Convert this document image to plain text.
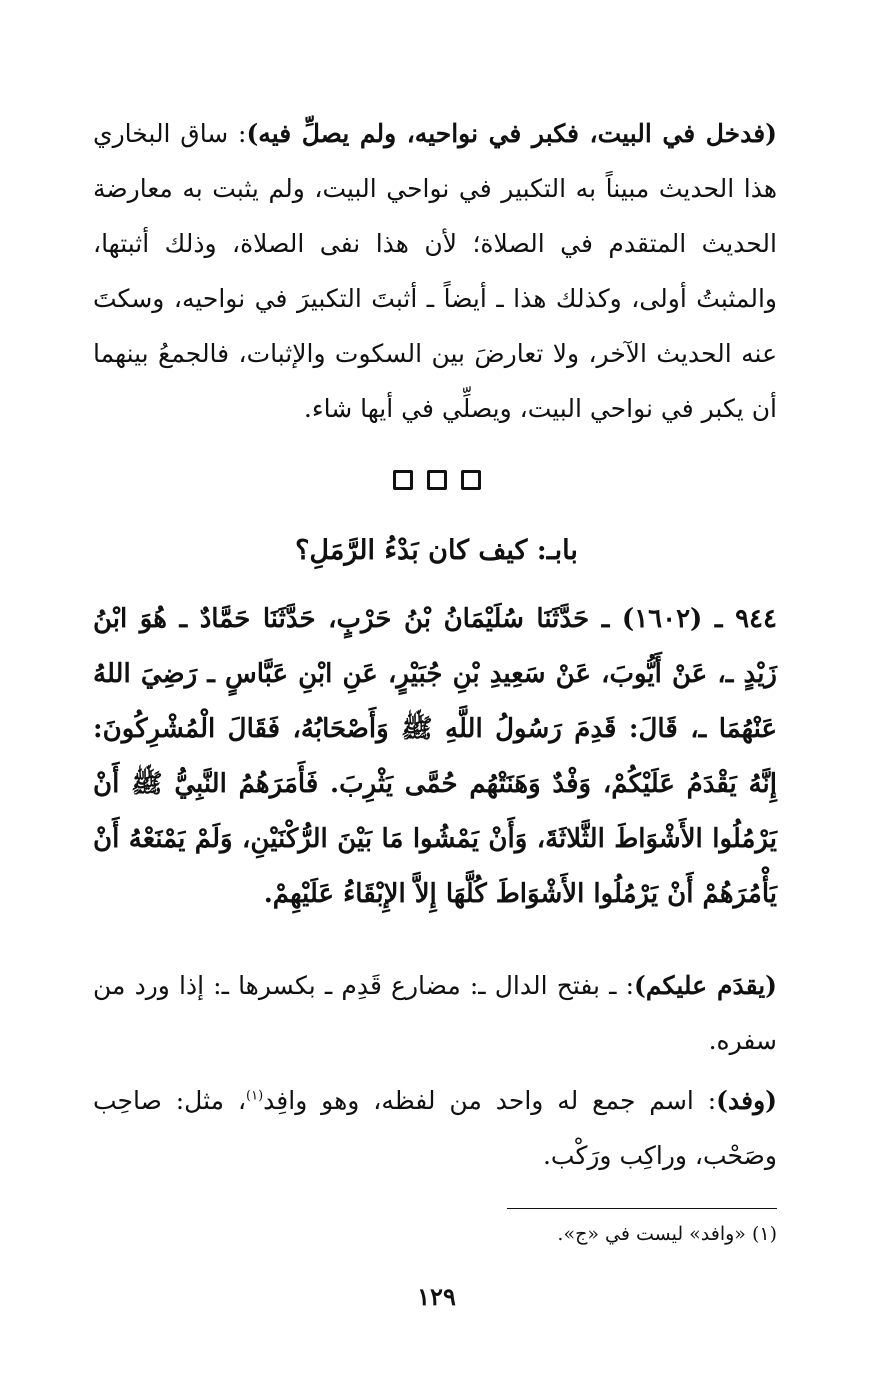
(فدخل في البيت، فكبر في نواحيه، ولم يصلِّ فيه): ساق البخاري هذا الحديث مبيناً به التكبير في نواحي البيت، ولم يثبت به معارضة الحديث المتقدم في الصلاة؛ لأن هذا نفى الصلاة، وذلك أثبتها، والمثبتُ أولى، وكذلك هذا ـ أيضاً ـ أثبتَ التكبيرَ في نواحيه، وسكتَ عنه الحديث الآخر، ولا تعارضَ بين السكوت والإثبات، فالجمعُ بينهما أن يكبر في نواحي البيت، ويصلِّي في أيها شاء.

بابـ: كيف كان بَدْءُ الرَّمَلِ؟

٩٤٤ ـ (١٦٠٢) ـ حَدَّثَنَا سُلَيْمَانُ بْنُ حَرْبٍ، حَدَّثَنَا حَمَّادٌ ـ هُوَ ابْنُ زَيْدٍ ـ، عَنْ أَيُّوبَ، عَنْ سَعِيدِ بْنِ جُبَيْرٍ، عَنِ ابْنِ عَبَّاسٍ ـ رَضِيَ اللهُ عَنْهُمَا ـ، قَالَ: قَدِمَ رَسُولُ اللَّهِ ﷺ وَأَصْحَابُهُ، فَقَالَ الْمُشْرِكُونَ: إِنَّهُ يَقْدَمُ عَلَيْكُمْ، وَفْدٌ وَهَنَتْهُم حُمَّى يَثْرِبَ. فَأَمَرَهُمُ النَّبِيُّ ﷺ أَنْ يَرْمُلُوا الأَشْوَاطَ الثَّلاثَةَ، وَأَنْ يَمْشُوا مَا بَيْنَ الرُّكْنَيْنِ، وَلَمْ يَمْنَعْهُ أَنْ يَأْمُرَهُمْ أَنْ يَرْمُلُوا الأَشْوَاطَ كُلَّهَا إِلاَّ الإِبْقَاءُ عَلَيْهِمْ.

(يقدَم عليكم): ـ بفتح الدال ـ: مضارع قَدِم ـ بكسرها ـ: إذا ورد من سفره.

(وفد): اسم جمع له واحد من لفظه، وهو وافِد$^{(١)}$، مثل: صاحِب وصَحْب، وراكِب ورَكْب.

(١) «وافد» ليست في «ج».
١٢٩
